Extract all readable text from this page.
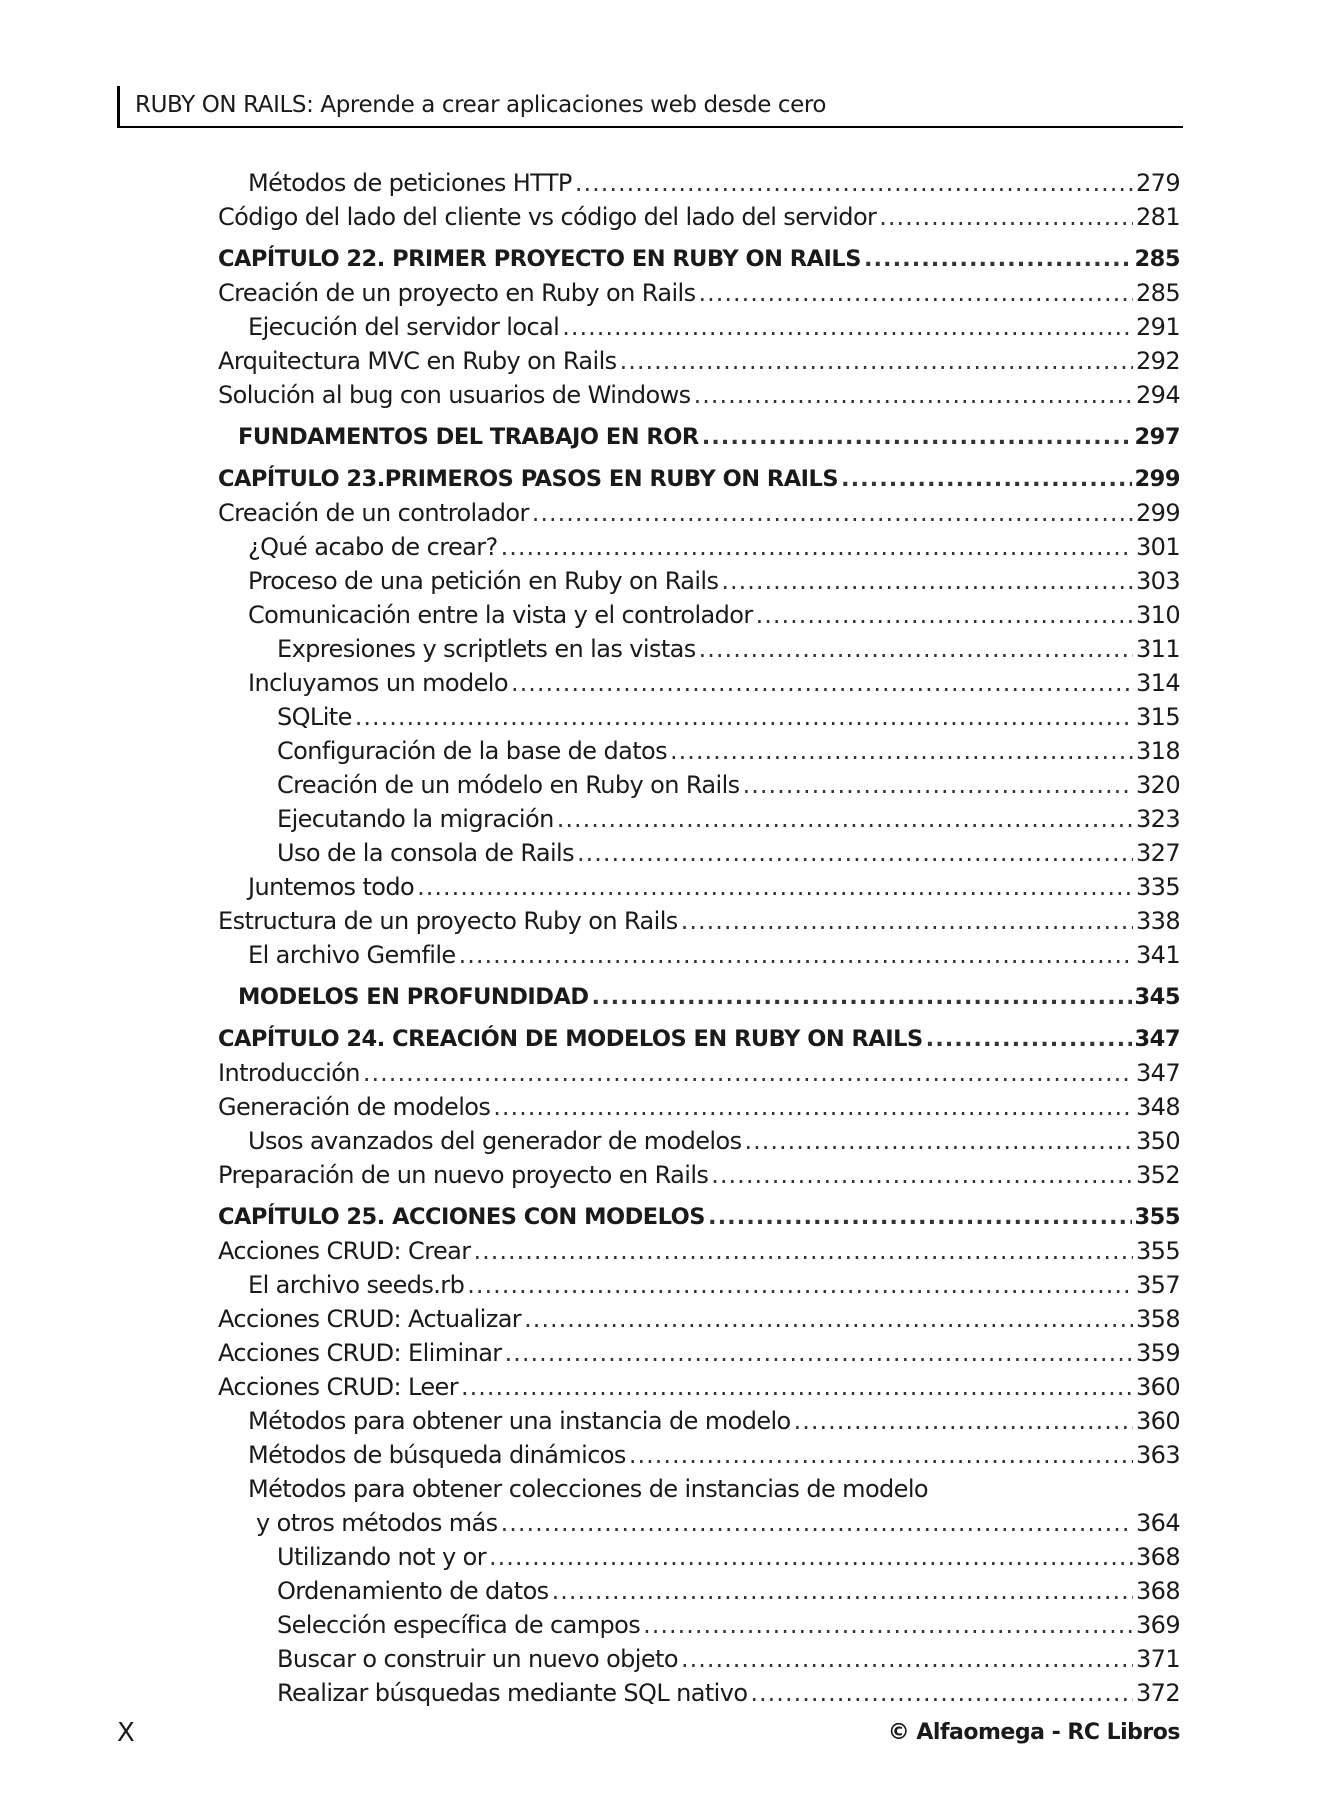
RUBY ON RAILS: Aprende a crear aplicaciones web desde cero
Métodos de peticiones HTTP .....	279
Código del lado del cliente vs código del lado del servidor .....	281
CAPÍTULO 22. PRIMER PROYECTO EN RUBY ON RAILS .....	285
Creación de un proyecto en Ruby on Rails .....	285
Ejecución del servidor local .....	291
Arquitectura MVC en Ruby on Rails .....	292
Solución al bug con usuarios de Windows .....	294
FUNDAMENTOS DEL TRABAJO EN ROR .....	297
CAPÍTULO 23.PRIMEROS PASOS EN RUBY ON RAILS .....	299
Creación de un controlador .....	299
¿Qué acabo de crear? .....	301
Proceso de una petición en Ruby on Rails .....	303
Comunicación entre la vista y el controlador .....	310
Expresiones y scriptlets en las vistas .....	311
Incluyamos un modelo .....	314
SQLite .....	315
Configuración de la base de datos .....	318
Creación de un módelo en Ruby on Rails .....	320
Ejecutando la migración .....	323
Uso de la consola de Rails .....	327
Juntemos todo .....	335
Estructura de un proyecto Ruby on Rails .....	338
El archivo Gemfile .....	341
MODELOS EN PROFUNDIDAD .....	345
CAPÍTULO 24. CREACIÓN DE MODELOS EN RUBY ON RAILS .....	347
Introducción .....	347
Generación de modelos .....	348
Usos avanzados del generador de modelos .....	350
Preparación de un nuevo proyecto en Rails .....	352
CAPÍTULO 25. ACCIONES CON MODELOS .....	355
Acciones CRUD: Crear .....	355
El archivo seeds.rb .....	357
Acciones CRUD: Actualizar .....	358
Acciones CRUD: Eliminar .....	359
Acciones CRUD: Leer .....	360
Métodos para obtener una instancia de modelo .....	360
Métodos de búsqueda dinámicos .....	363
Métodos para obtener colecciones de instancias de modelo
y otros métodos más .....	364
Utilizando not y or .....	368
Ordenamiento de datos .....	368
Selección específica de campos .....	369
Buscar o construir un nuevo objeto .....	371
Realizar búsquedas mediante SQL nativo .....	372
X	© Alfaomega - RC Libros
